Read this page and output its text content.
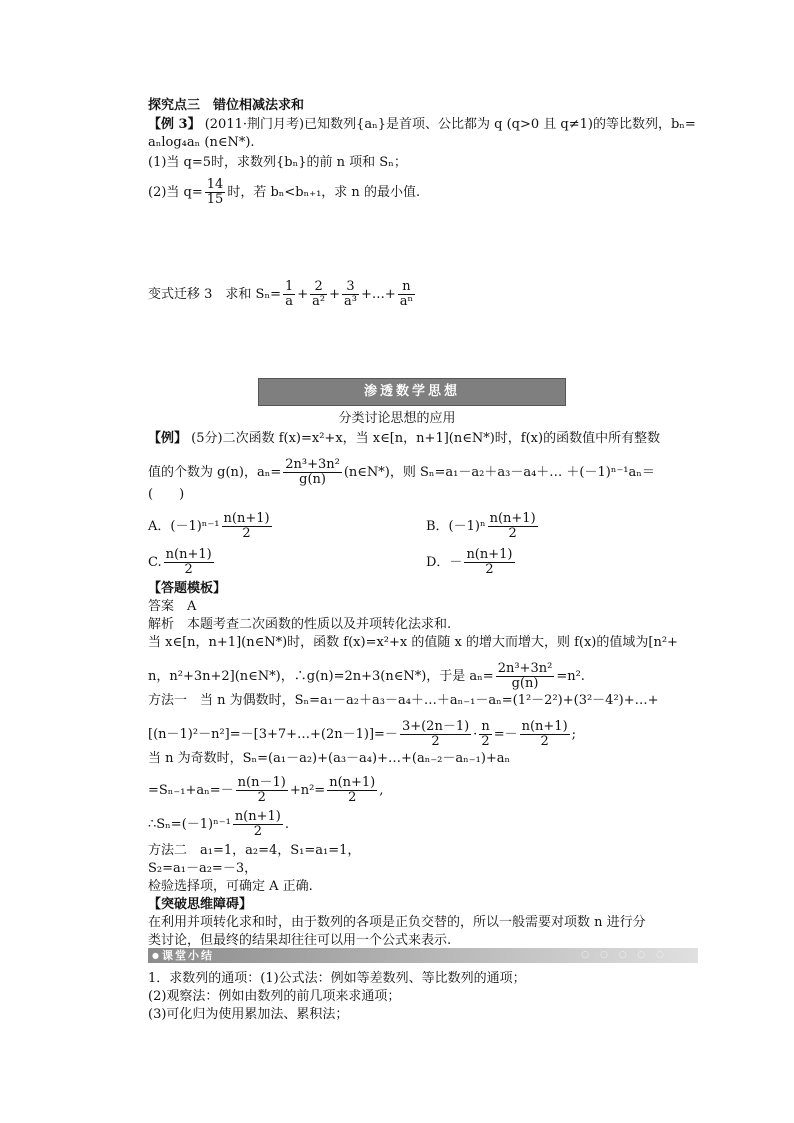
探究点三　错位相减法求和
【例 3】 (2011·荆门月考)已知数列{aₙ}是首项、公比都为 q (q>0 且 q≠1)的等比数列，bₙ=
aₙlog₄aₙ (n∈N*).
(1)当 q=5时，求数列{bₙ}的前 n 项和 Sₙ；
(2)当 $q= \frac{14}{15}$ 时，若 bₙ<bₙ₊₁，求 n 的最小值.
变式迁移 3　求和 $S_n= \frac{1}{a} + \frac{2}{\text{a²}} + \frac{3}{\text{a³}}$ +…+ $\frac{n}{\text{aⁿ}}$
渗透数学思想
分类讨论思想的应用
【例】 (5分)二次函数 f(x)=x²+x，当 x∈[n，n+1](n∈N*)时，f(x)的函数值中所有整数
值的个数为 g(n)，$a_n= \frac{\text{2n³+3n²}}{g(n)}$ (n∈N*)，则 Sₙ=a₁－a₂＋a₃－a₄＋… ＋(－1)ⁿ⁻¹aₙ＝
(　　)
A．$(-1)^{n-1} \frac{n(n+1)}{2}$	B．$(-1)^n \frac{n(n+1)}{2}$
C. $\frac{n(n+1)}{2}$	D．－ $\frac{n(n+1)}{2}$
【答题模板】
答案　A
解析　本题考查二次函数的性质以及并项转化法求和.
当 x∈[n，n+1](n∈N*)时，函数 f(x)=x²+x 的值随 x 的增大而增大，则 f(x)的值域为[n²+
n，n²+3n+2](n∈N*)，∴g(n)=2n+3(n∈N*)，于是 $a_n= \frac{\text{2n³+3n²}}{g(n)} =n^2$.
方法一　当 n 为偶数时，Sₙ=a₁－a₂＋a₃－a₄＋…＋aₙ₋₁－aₙ=(1²－2²)+(3²－4²)+…+
[(n－1)²－n²]=－[3+7+…+(2n－1)]=－ $\frac{3+(2n-1)}{2} \cdot \frac{n}{2} =- \frac{n(n+1)}{2}$ ;
当 n 为奇数时，Sₙ=(a₁－a₂)+(a₃－a₄)+…+(aₙ₋₂－aₙ₋₁)+aₙ
$=S_{n-1}+a_n=- \frac{n(n-1)}{2} +n^2= \frac{n(n+1)}{2}$ ,
∴Sₙ=(－1)ⁿ⁻¹ $\frac{n(n+1)}{2}$ .
方法二　a₁=1，a₂=4，S₁=a₁=1，
S₂=a₁－a₂=－3，
检验选择项，可确定 A 正确.
【突破思维障碍】
在利用并项转化求和时，由于数列的各项是正负交替的，所以一般需要对项数 n 进行分
类讨论，但最终的结果却往往可以用一个公式来表示.
● 课堂小结	○ ○ ○ ○ ○
1．求数列的通项：(1)公式法：例如等差数列、等比数列的通项；
(2)观察法：例如由数列的前几项来求通项；
(3)可化归为使用累加法、累积法；
